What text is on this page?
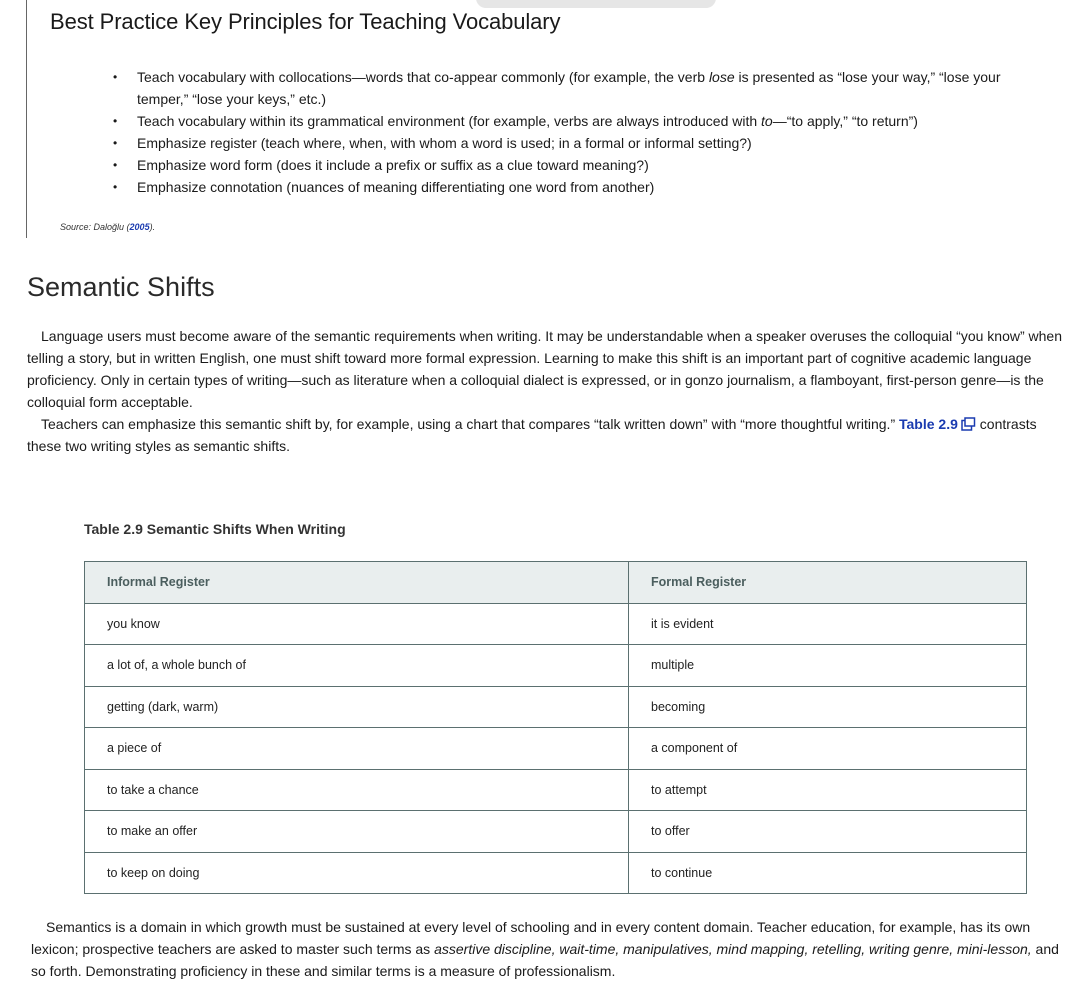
Best Practice Key Principles for Teaching Vocabulary
• Teach vocabulary with collocations—words that co-appear commonly (for example, the verb lose is presented as “lose your way,” “lose your temper,” “lose your keys,” etc.)
• Teach vocabulary within its grammatical environment (for example, verbs are always introduced with to—“to apply,” “to return”)
• Emphasize register (teach where, when, with whom a word is used; in a formal or informal setting?)
• Emphasize word form (does it include a prefix or suffix as a clue toward meaning?)
• Emphasize connotation (nuances of meaning differentiating one word from another)
Source: Daloğlu (2005).
Semantic Shifts

Language users must become aware of the semantic requirements when writing. It may be understandable when a speaker overuses the colloquial “you know” when telling a story, but in written English, one must shift toward more formal expression. Learning to make this shift is an important part of cognitive academic language proficiency. Only in certain types of writing—such as literature when a colloquial dialect is expressed, or in gonzo journalism, a flamboyant, first-person genre—is the colloquial form acceptable.

Teachers can emphasize this semantic shift by, for example, using a chart that compares “talk written down” with “more thoughtful writing.” Table 2.9 contrasts these two writing styles as semantic shifts.

Table 2.9 Semantic Shifts When Writing

Informal Register	Formal Register
you know	it is evident
a lot of, a whole bunch of	multiple
getting (dark, warm)	becoming
a piece of	a component of
to take a chance	to attempt
to make an offer	to offer
to keep on doing	to continue

Semantics is a domain in which growth must be sustained at every level of schooling and in every content domain. Teacher education, for example, has its own lexicon; prospective teachers are asked to master such terms as assertive discipline, wait-time, manipulatives, mind mapping, retelling, writing genre, mini-lesson, and so forth. Demonstrating proficiency in these and similar terms is a measure of professionalism.
